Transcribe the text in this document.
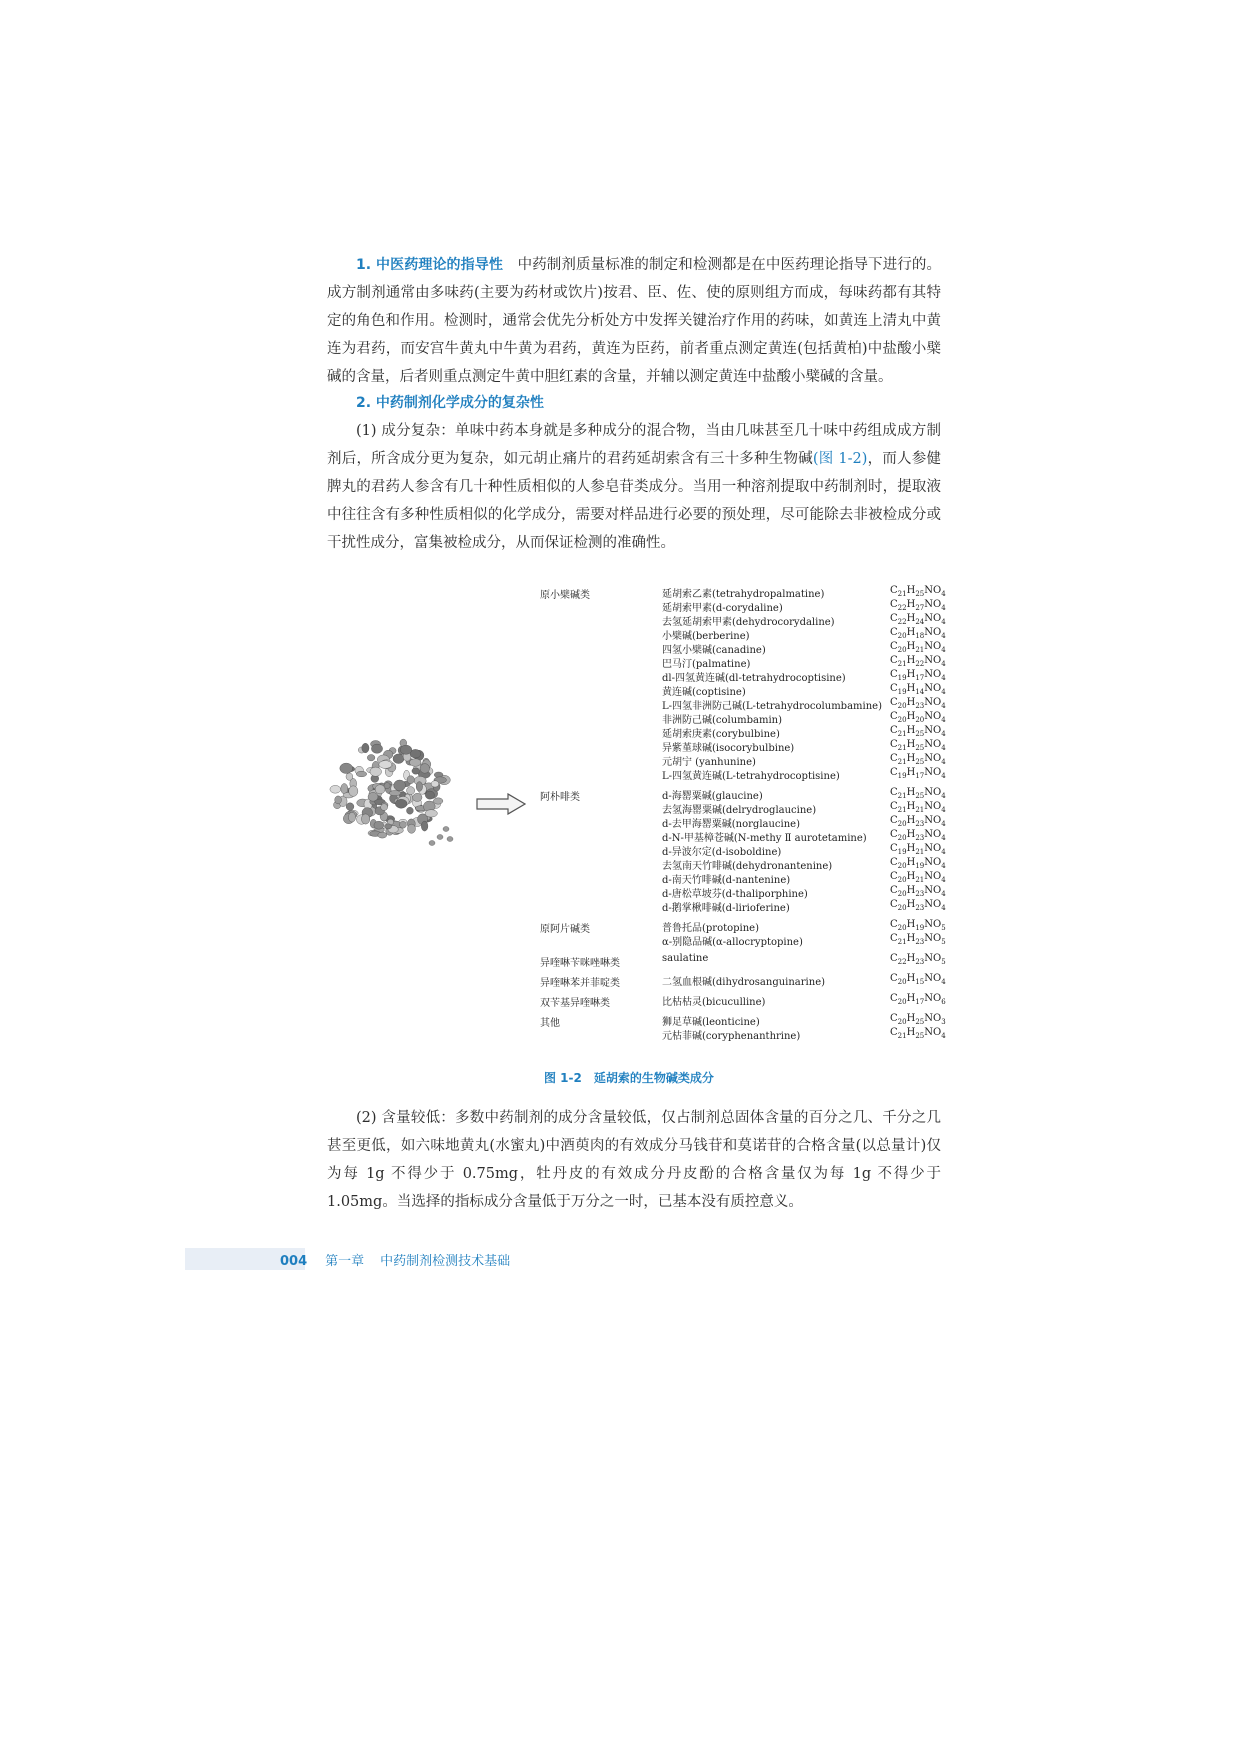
1. 中医药理论的指导性  中药制剂质量标准的制定和检测都是在中医药理论指导下进行的。成方制剂通常由多味药(主要为药材或饮片)按君、臣、佐、使的原则组方而成，每味药都有其特定的角色和作用。检测时，通常会优先分析处方中发挥关键治疗作用的药味，如黄连上清丸中黄连为君药，而安宫牛黄丸中牛黄为君药，黄连为臣药，前者重点测定黄连(包括黄柏)中盐酸小檗碱的含量，后者则重点测定牛黄中胆红素的含量，并辅以测定黄连中盐酸小檗碱的含量。

2. 中药制剂化学成分的复杂性

(1) 成分复杂：单味中药本身就是多种成分的混合物，当由几味甚至几十味中药组成成方制剂后，所含成分更为复杂，如元胡止痛片的君药延胡索含有三十多种生物碱(图 1-2)，而人参健脾丸的君药人参含有几十种性质相似的人参皂苷类成分。当用一种溶剂提取中药制剂时，提取液中往往含有多种性质相似的化学成分，需要对样品进行必要的预处理，尽可能除去非被检成分或干扰性成分，富集被检成分，从而保证检测的准确性。

原小檗碱类	延胡索乙素(tetrahydropalmatine)	$C_{21}H_{25}NO_4$
延胡索甲素(d-corydaline)	$C_{22}H_{27}NO_4$
去氢延胡索甲素(dehydrocorydaline)	$C_{22}H_{24}NO_4$
小檗碱(berberine)	$C_{20}H_{18}NO_4$
四氢小檗碱(canadine)	$C_{20}H_{21}NO_4$
巴马汀(palmatine)	$C_{21}H_{22}NO_4$
dl-四氢黄连碱(dl-tetrahydrocoptisine)	$C_{19}H_{17}NO_4$
黄连碱(coptisine)	$C_{19}H_{14}NO_4$
L-四氢非洲防己碱(L-tetrahydrocolumbamine) $C_{20}H_{23}NO_4$
非洲防己碱(columbamin)	$C_{20}H_{20}NO_4$
延胡索庚素(corybulbine)	$C_{21}H_{25}NO_4$
异紫堇球碱(isocorybulbine)	$C_{21}H_{25}NO_4$
元胡宁 (yanhunine)	$C_{21}H_{25}NO_4$
L-四氢黄连碱(L-tetrahydrocoptisine)	$C_{19}H_{17}NO_4$
阿朴啡类	d-海罂粟碱(glaucine)	$C_{21}H_{25}NO_4$
去氢海罂粟碱(delrydroglaucine)	$C_{21}H_{21}NO_4$
d-去甲海罂粟碱(norglaucine)	$C_{20}H_{23}NO_4$
d-N-甲基樟苍碱(N-methy Ⅱ aurotetamine) $C_{20}H_{23}NO_4$
d-异波尔定(d-isoboldine)	$C_{19}H_{21}NO_4$
去氢南天竹啡碱(dehydronantenine)	$C_{20}H_{19}NO_4$
d-南天竹啡碱(d-nantenine)	$C_{20}H_{21}NO_4$
d-唐松草坡芬(d-thaliporphine)	$C_{20}H_{23}NO_4$
d-鹅掌楸啡碱(d-lirioferine)	$C_{20}H_{23}NO_4$
原阿片碱类	普鲁托品(protopine)	$C_{20}H_{19}NO_5$
α-别隐品碱(α-allocryptopine)	$C_{21}H_{23}NO_5$
异喹啉苄咪唑啉类	saulatine	$C_{22}H_{23}NO_5$
异喹啉苯并菲啶类	二氢血根碱(dihydrosanguinarine)	$C_{20}H_{15}NO_4$
双苄基异喹啉类	比枯枯灵(bicuculline)	$C_{20}H_{17}NO_6$
其他	狮足草碱(leonticine)	$C_{20}H_{25}NO_3$
元枯菲碱(coryphenanthrine)	$C_{21}H_{25}NO_4$
图 1-2 延胡索的生物碱类成分

(2) 含量较低：多数中药制剂的成分含量较低，仅占制剂总固体含量的百分之几、千分之几甚至更低，如六味地黄丸(水蜜丸)中酒萸肉的有效成分马钱苷和莫诺苷的合格含量(以总量计)仅为每 1g 不得少于 0.75mg，牡丹皮的有效成分丹皮酚的合格含量仅为每 1g 不得少于 1.05mg。当选择的指标成分含量低于万分之一时，已基本没有质控意义。

004 第一章 中药制剂检测技术基础
